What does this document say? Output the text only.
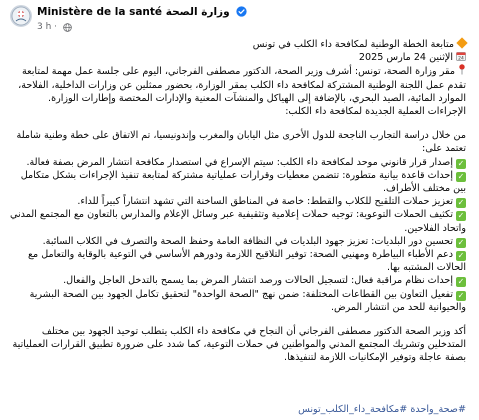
Ministère de la santé وزارة الصحة
3 h ·

متابعة الخطة الوطنية لمكافحة داء الكلب في تونس

24
الإثنين 24 مارس 2025

مقر وزارة الصحة، تونس: أشرف وزير الصحة، الدكتور مصطفى الفرجاني، اليوم على جلسة عمل مهمة لمتابعة تقدم عمل اللجنة الوطنية المشتركة لمكافحة داء الكلب بمقر الوزارة، بحضور ممثلين عن وزارات الداخلية، الفلاحة، الموارد المائية، الصيد البحري، بالإضافة إلى الهياكل والمنشآت المعنية والإدارات المختصة وإطارات الوزارة.

الإجراءات العملية الجديدة لمكافحة داء الكلب:

من خلال دراسة التجارب الناجحة للدول الأخرى مثل اليابان والمغرب وإندونيسيا، تم الاتفاق على خطة وطنية شاملة تعتمد على:

✓إصدار قرار قانوني موحد لمكافحة داء الكلب: سيتم الإسراع في استصدار مكافحة انتشار المرض بصفة فعالة.

✓إحداث قاعدة بيانية متطورة: تتضمن معطيات وقرارات عملياتية مشتركة لمتابعة تنفيذ الإجراءات بشكل متكامل بين مختلف الأطراف.

✓تعزيز حملات التلقيح للكلاب والقطط: خاصة في المناطق الساخنة التي تشهد انتشاراً كبيراً للداء.

✓تكثيف الحملات التوعوية: توجيه حملات إعلامية وتثقيفية عبر وسائل الإعلام والمدارس بالتعاون مع المجتمع المدني واتحاد الفلاحين.

✓تحسين دور البلديات: تعزيز جهود البلديات في النظافة العامة وحفظ الصحة والتصرف في الكلاب السائبة.

✓دعم الأطباء البياطرة ومهنيي الصحة: توفير التلاقيح اللازمة ودورهم الأساسي في التوعية بالوقاية والتعامل مع الحالات المشتبه بها.

✓إحداث نظام مراقبة فعال: لتسجيل الحالات ورصد انتشار المرض بما يسمح بالتدخل العاجل والفعال.

✓تفعيل التعاون بين القطاعات المختلفة: ضمن نهج "الصحة الواحدة" لتحقيق تكامل الجهود بين الصحة البشرية والحيوانية للحد من انتشار المرض.

أكد وزير الصحة الدكتور مصطفى الفرجاني أن النجاح في مكافحة داء الكلب يتطلب توحيد الجهود بين مختلف المتدخلين وتشريك المجتمع المدني والمواطنين في حملات التوعية، كما شدد على ضرورة تطبيق القرارات العملياتية بصفة عاجلة وتوفير الإمكانيات اللازمة لتنفيذها.

#صحة_واحدة #مكافحة_داء_الكلب_تونس
